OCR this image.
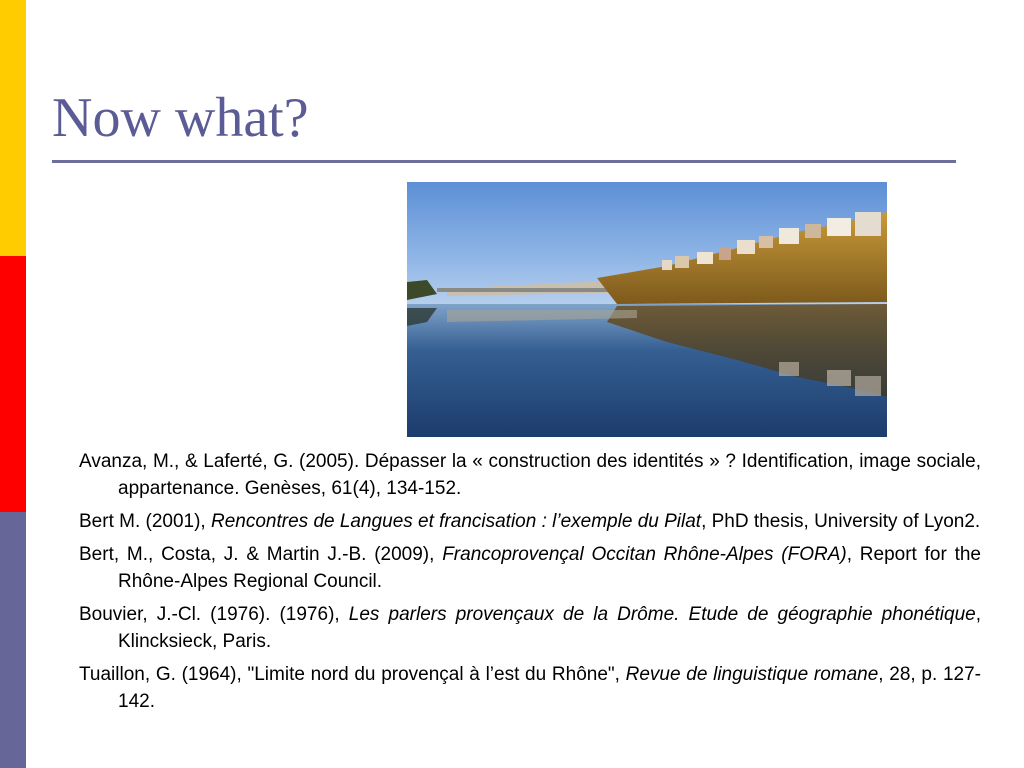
Now what?

Avanza, M., & Laferté, G. (2005). Dépasser la « construction des identités » ? Identification, image sociale, appartenance. Genèses, 61(4), 134-152.

Bert M. (2001), Rencontres de Langues et francisation : l’exemple du Pilat, PhD thesis, University of Lyon2.

Bert, M., Costa, J. & Martin J.-B. (2009), Francoprovençal Occitan Rhône-Alpes (FORA), Report for the Rhône-Alpes Regional Council.

Bouvier, J.-Cl. (1976). (1976), Les parlers provençaux de la Drôme. Etude de géographie phonétique, Klincksieck, Paris.

Tuaillon, G. (1964), "Limite nord du provençal à l’est du Rhône", Revue de linguistique romane, 28, p. 127-142.
